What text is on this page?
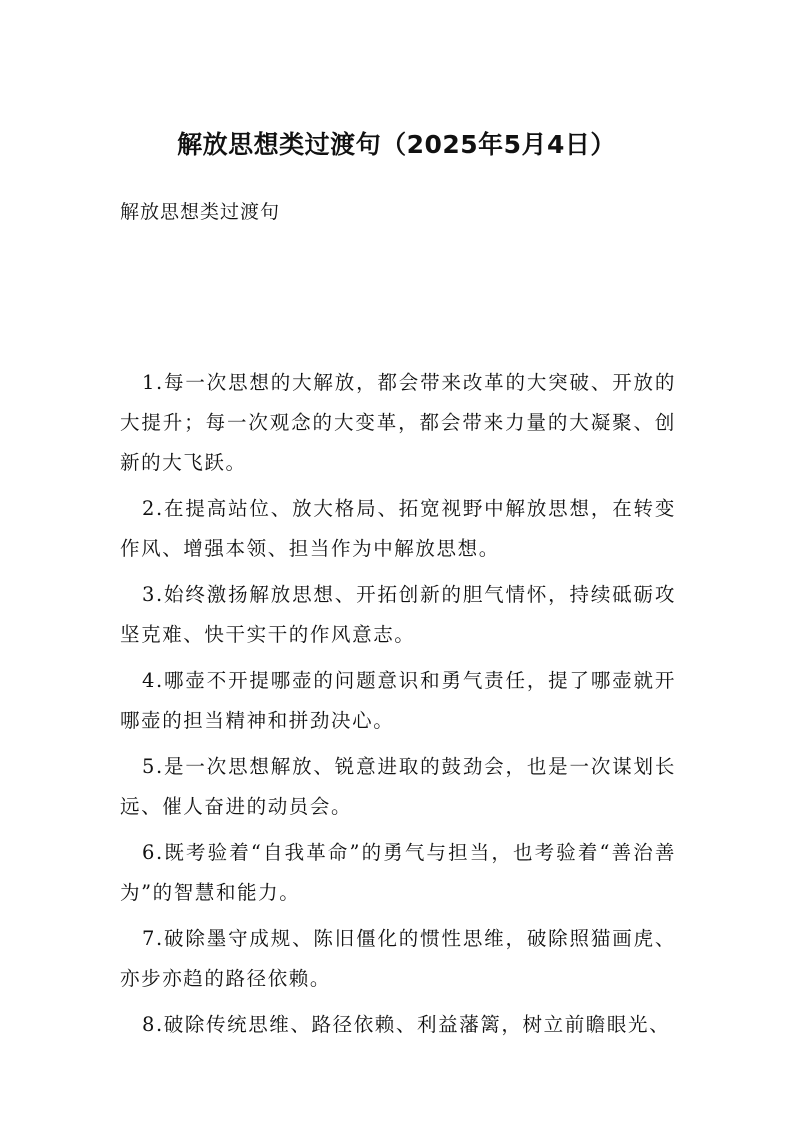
解放思想类过渡句（2025年5月4日）

解放思想类过渡句

1.每一次思想的大解放，都会带来改革的大突破、开放的大提升；每一次观念的大变革，都会带来力量的大凝聚、创新的大飞跃。

2.在提高站位、放大格局、拓宽视野中解放思想，在转变作风、增强本领、担当作为中解放思想。

3.始终激扬解放思想、开拓创新的胆气情怀，持续砥砺攻坚克难、快干实干的作风意志。

4.哪壶不开提哪壶的问题意识和勇气责任，提了哪壶就开哪壶的担当精神和拼劲决心。

5.是一次思想解放、锐意进取的鼓劲会，也是一次谋划长远、催人奋进的动员会。

6.既考验着“自我革命”的勇气与担当，也考验着“善治善为”的智慧和能力。

7.破除墨守成规、陈旧僵化的惯性思维，破除照猫画虎、亦步亦趋的路径依赖。

8.破除传统思维、路径依赖、利益藩篱，树立前瞻眼光、
